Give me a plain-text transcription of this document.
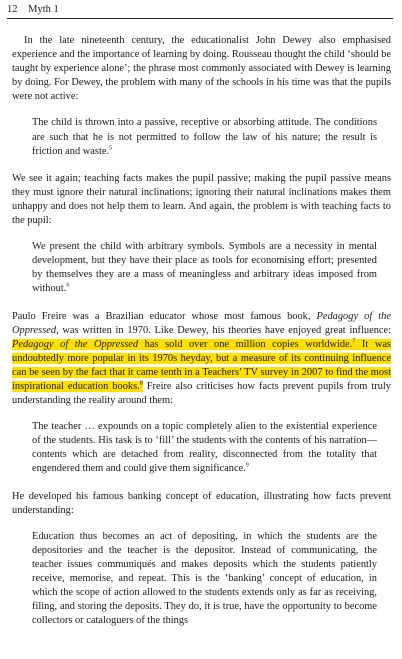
12 Myth 1

In the late nineteenth century, the educationalist John Dewey also emphasised experience and the importance of learning by doing. Rousseau thought the child ‘should be taught by experience alone’; the phrase most commonly associated with Dewey is learning by doing. For Dewey, the problem with many of the schools in his time was that the pupils were not active:

The child is thrown into a passive, receptive or absorbing attitude. The conditions are such that he is not permitted to follow the law of his nature; the result is friction and waste.$^5$

We see it again; teaching facts makes the pupil passive; making the pupil passive means they must ignore their natural inclinations; ignoring their natural inclinations makes them unhappy and does not help them to learn. And again, the problem is with teaching facts to the pupil:

We present the child with arbitrary symbols. Symbols are a necessity in mental development, but they have their place as tools for economising effort; presented by themselves they are a mass of meaningless and arbitrary ideas imposed from without.$^6$

Paulo Freire was a Brazilian educator whose most famous book, Pedagogy of the Oppressed, was written in 1970. Like Dewey, his theories have enjoyed great influence: Pedagogy of the Oppressed has sold over one million copies worldwide.$^7$ It was undoubtedly more popular in its 1970s heyday, but a measure of its continuing influence can be seen by the fact that it came tenth in a Teachers’ TV survey in 2007 to find the most inspirational education books.$^8$ Freire also criticises how facts prevent pupils from truly understanding the reality around them:

The teacher … expounds on a topic completely alien to the existential experience of the students. His task is to ‘fill’ the students with the contents of his narration—contents which are detached from reality, disconnected from the totality that engendered them and could give them significance.$^9$

He developed his famous banking concept of education, illustrating how facts prevent understanding:

Education thus becomes an act of depositing, in which the students are the depositories and the teacher is the depositor. Instead of communicating, the teacher issues communiqués and makes deposits which the students patiently receive, memorise, and repeat. This is the ‘banking’ concept of education, in which the scope of action allowed to the students extends only as far as receiving, filing, and storing the deposits. They do, it is true, have the opportunity to become collectors or cataloguers of the things
